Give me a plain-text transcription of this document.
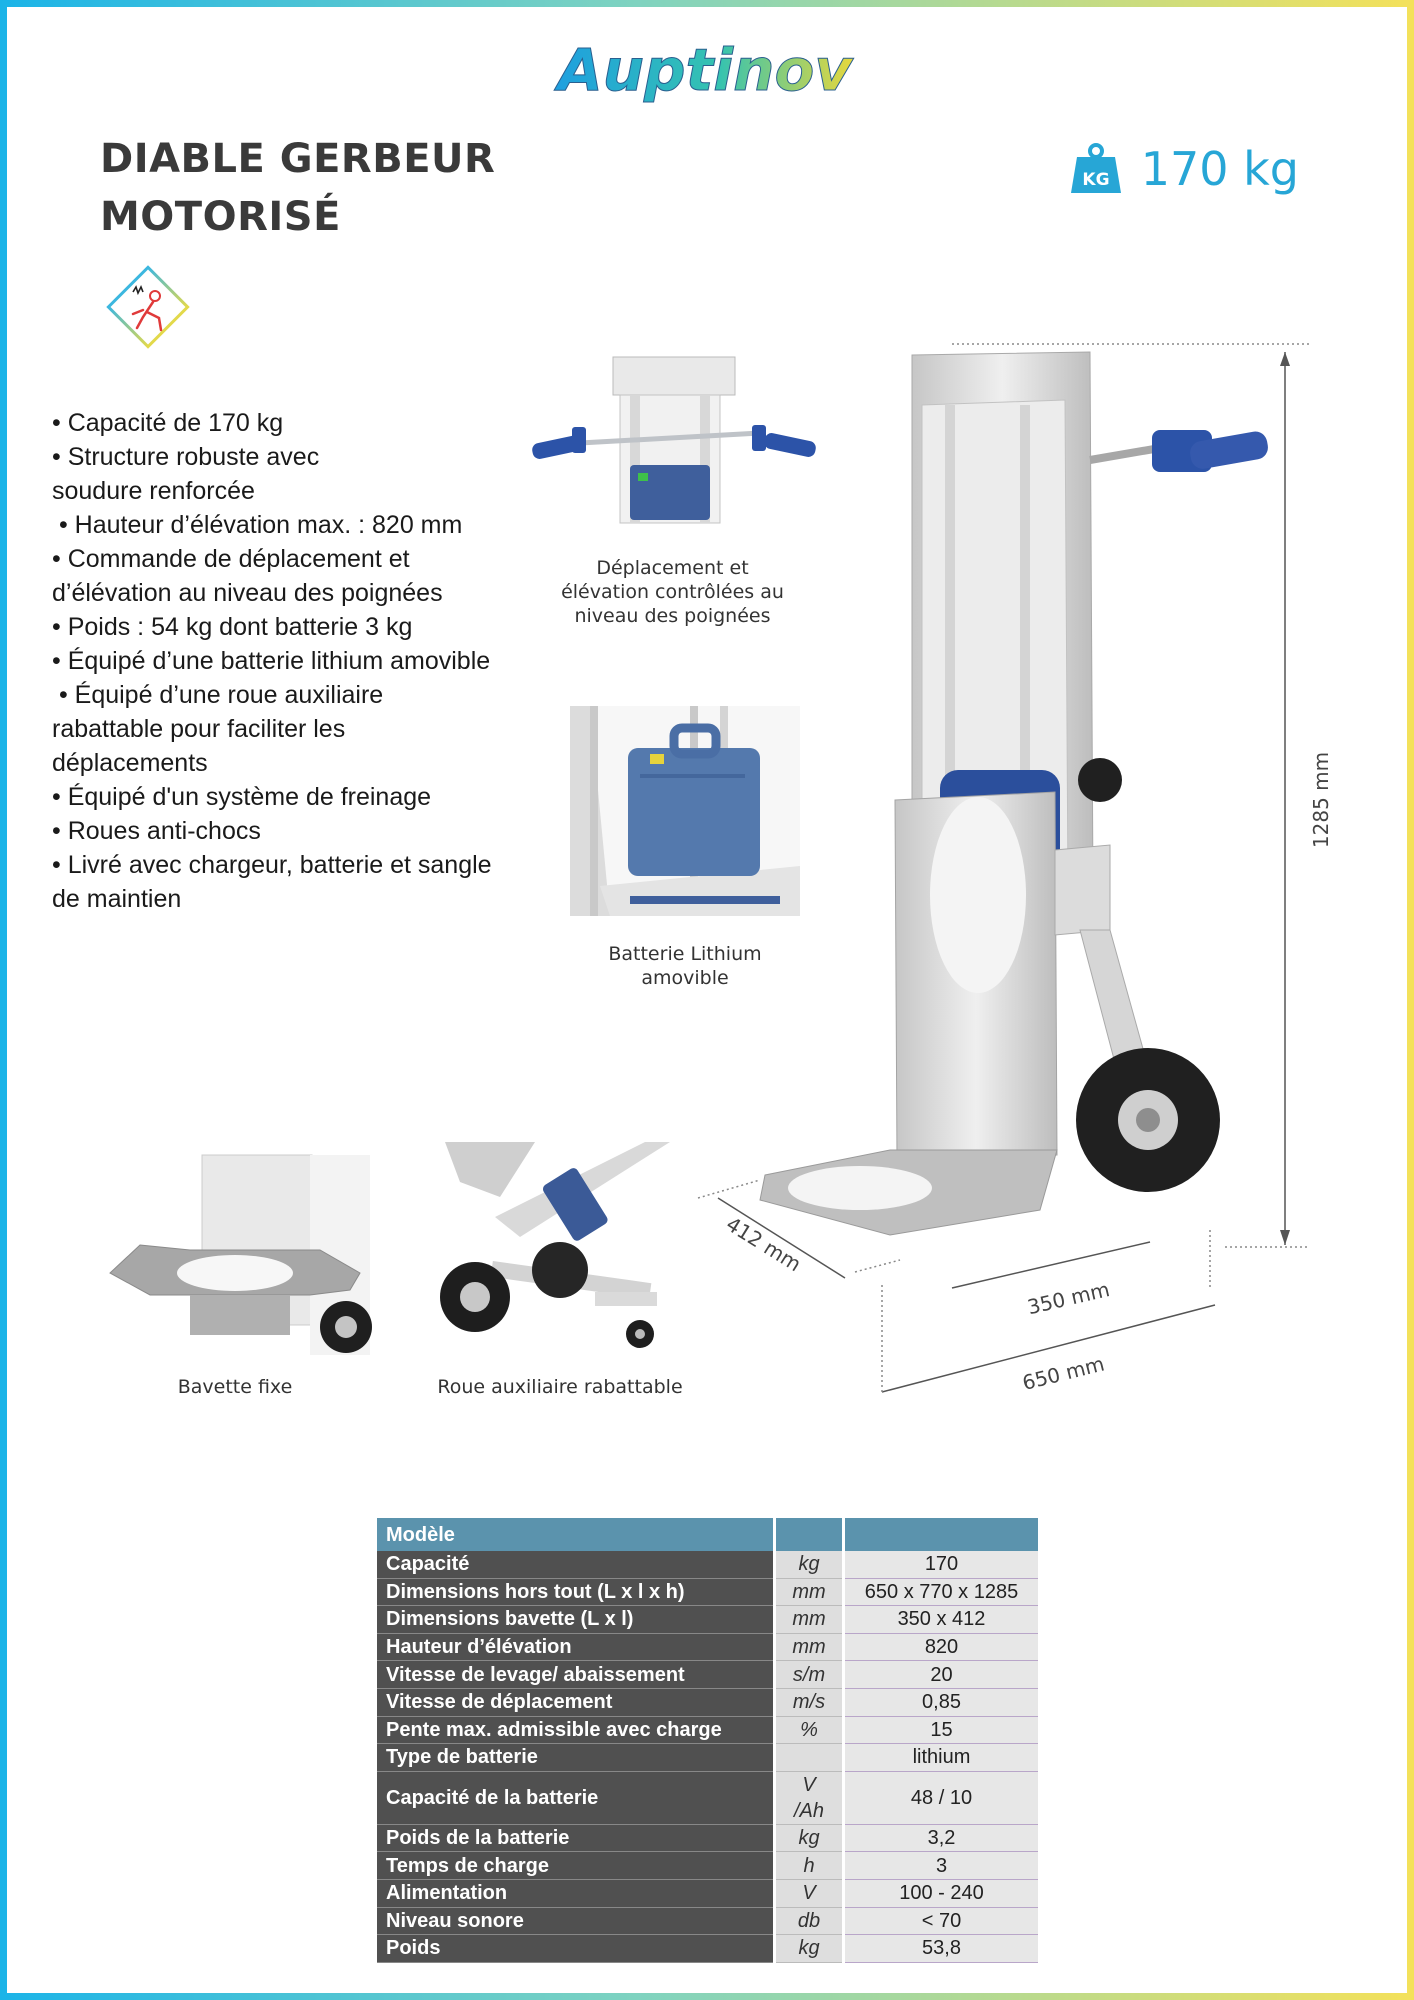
Auptinov
DIABLE GERBEUR
MOTORISÉ
KG 170 kg
• Capacité de 170 kg
• Structure robuste avec
soudure renforcée
• Hauteur d’élévation max. : 820 mm
• Commande de déplacement et
d’élévation au niveau des poignées
• Poids : 54 kg dont batterie 3 kg
• Équipé d’une batterie lithium amovible
• Équipé d’une roue auxiliaire
rabattable pour faciliter les
déplacements
• Équipé d'un système de freinage
• Roues anti-chocs
• Livré avec chargeur, batterie et sangle
de maintien
Déplacement et
élévation contrôlées au
niveau des poignées
Batterie Lithium
amovible
Bavette fixe	Roue auxiliaire rabattable
1285 mm
412 mm
350 mm
650 mm
Modèle		
Capacité	kg	170
Dimensions hors tout (L x l x h)	mm	650 x 770 x 1285
Dimensions bavette (L x l)	mm	350 x 412
Hauteur d’élévation	mm	820
Vitesse de levage/ abaissement	s/m	20
Vitesse de déplacement	m/s	0,85
Pente max. admissible avec charge	%	15
Type de batterie		lithium
Capacité de la batterie	V /Ah	48 / 10
Poids de la batterie	kg	3,2
Temps de charge	h	3
Alimentation	V	100 - 240
Niveau sonore	db	< 70
Poids	kg	53,8
